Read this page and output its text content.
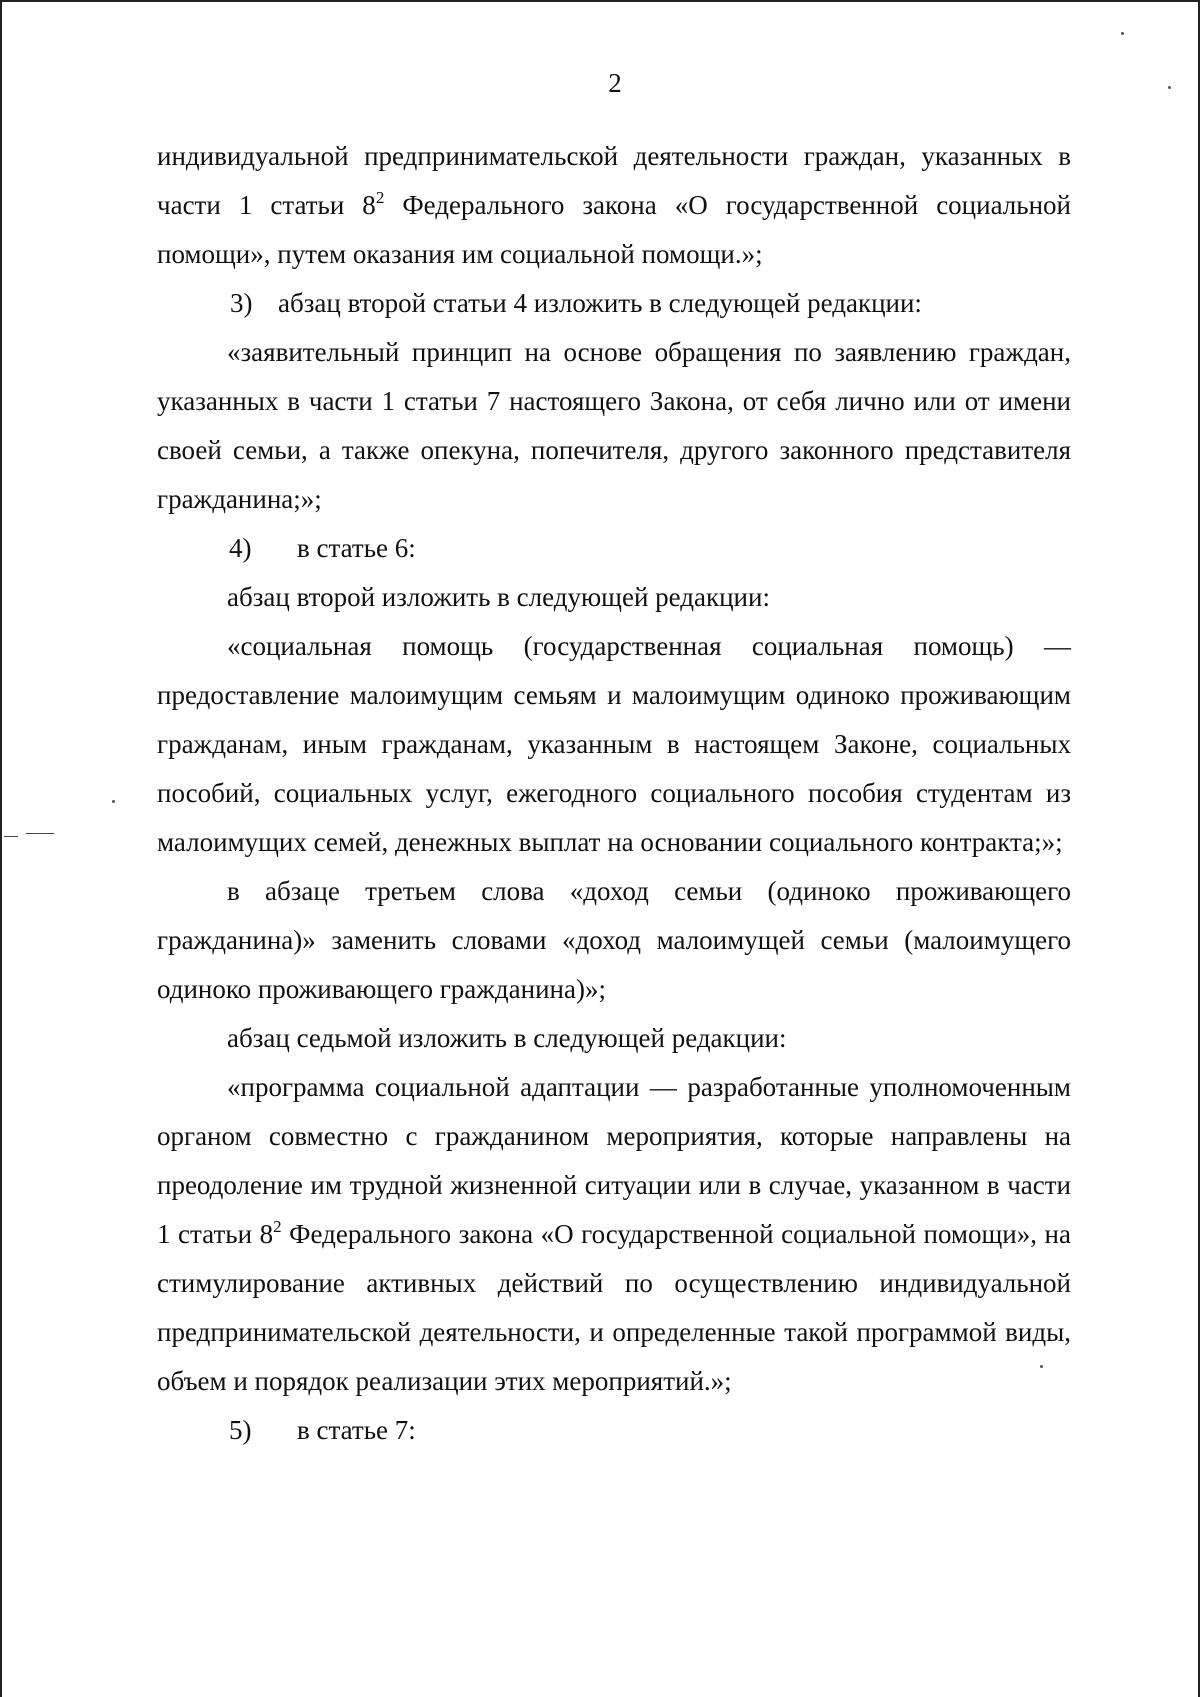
2

индивидуальной предпринимательской деятельности граждан, указанных в части 1 статьи $8^2$ Федерального закона «О государственной социальной помощи», путем оказания им социальной помощи.»;

3) абзац второй статьи 4 изложить в следующей редакции:

«заявительный принцип на основе обращения по заявлению граждан, указанных в части 1 статьи 7 настоящего Закона, от себя лично или от имени своей семьи, а также опекуна, попечителя, другого законного представителя гражданина;»;

4) в статье 6:

абзац второй изложить в следующей редакции:

«социальная помощь (государственная социальная помощь) — предоставление малоимущим семьям и малоимущим одиноко проживающим гражданам, иным гражданам, указанным в настоящем Законе, социальных пособий, социальных услуг, ежегодного социального пособия студентам из малоимущих семей, денежных выплат на основании социального контракта;»;

в абзаце третьем слова «доход семьи (одиноко проживающего гражданина)» заменить словами «доход малоимущей семьи (малоимущего одиноко проживающего гражданина)»;

абзац седьмой изложить в следующей редакции:

«программа социальной адаптации — разработанные уполномоченным органом совместно с гражданином мероприятия, которые направлены на преодоление им трудной жизненной ситуации или в случае, указанном в части 1 статьи $8^2$ Федерального закона «О государственной социальной помощи», на стимулирование активных действий по осуществлению индивидуальной предпринимательской деятельности, и определенные такой программой виды, объем и порядок реализации этих мероприятий.»;

5) в статье 7:
